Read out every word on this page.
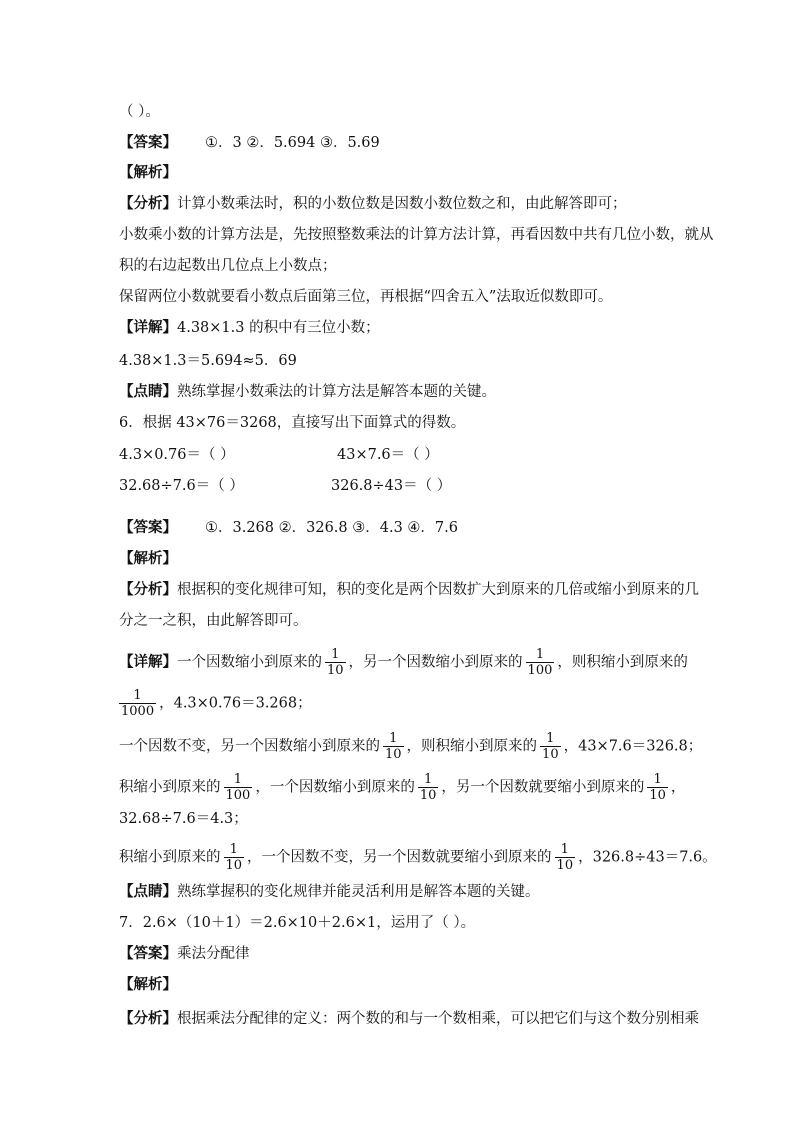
（ ）。
【答案】 ①．3 ②．5.694 ③．5.69
【解析】
【分析】计算小数乘法时，积的小数位数是因数小数位数之和，由此解答即可；
小数乘小数的计算方法是，先按照整数乘法的计算方法计算，再看因数中共有几位小数，就从
积的右边起数出几位点上小数点；
保留两位小数就要看小数点后面第三位，再根据“四舍五入”法取近似数即可。
【详解】4.38×1.3 的积中有三位小数；
4.38×1.3＝5.694≈5．69
【点睛】熟练掌握小数乘法的计算方法是解答本题的关键。
6．根据 43×76＝3268，直接写出下面算式的得数。
4.3×0.76＝（ ）	43×7.6＝（ ）
32.68÷7.6＝（ ）	326.8÷43＝（ ）
【答案】 ①．3.268 ②．326.8 ③．4.3 ④．7.6
【解析】
【分析】根据积的变化规律可知，积的变化是两个因数扩大到原来的几倍或缩小到原来的几
分之一之积，由此解答即可。
【详解】一个因数缩小到原来的 $\frac{1}{10}$ ，另一个因数缩小到原来的 $\frac{1}{100}$ ，则积缩小到原来的
$\frac{1}{1000}$ ，4.3×0.76＝3.268；
一个因数不变，另一个因数缩小到原来的 $\frac{1}{10}$ ，则积缩小到原来的 $\frac{1}{10}$ ，43×7.6＝326.8；
积缩小到原来的 $\frac{1}{100}$ ，一个因数缩小到原来的 $\frac{1}{10}$ ，另一个因数就要缩小到原来的 $\frac{1}{10}$ ，
32.68÷7.6＝4.3；
积缩小到原来的 $\frac{1}{10}$ ，一个因数不变，另一个因数就要缩小到原来的 $\frac{1}{10}$ ，326.8÷43＝7.6。
【点睛】熟练掌握积的变化规律并能灵活利用是解答本题的关键。
7．2.6×（10＋1）＝2.6×10＋2.6×1，运用了（ ）。
【答案】乘法分配律
【解析】
【分析】根据乘法分配律的定义：两个数的和与一个数相乘，可以把它们与这个数分别相乘
